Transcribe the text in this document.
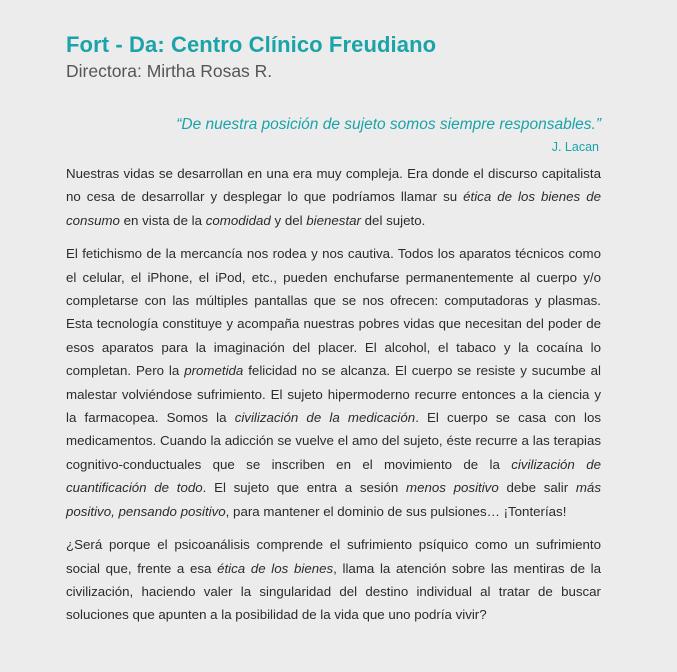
Fort - Da: Centro Clínico Freudiano
Directora: Mirtha Rosas R.
“De nuestra posición de sujeto somos siempre responsables.”
J. Lacan

Nuestras vidas se desarrollan en una era muy compleja. Era donde el discurso capitalista no cesa de desarrollar y desplegar lo que podríamos llamar su ética de los bienes de consumo en vista de la comodidad y del bienestar del sujeto.

El fetichismo de la mercancía nos rodea y nos cautiva. Todos los aparatos técnicos como el celular, el iPhone, el iPod, etc., pueden enchufarse permanentemente al cuerpo y/o completarse con las múltiples pantallas que se nos ofrecen: computadoras y plasmas. Esta tecnología constituye y acompaña nuestras pobres vidas que necesitan del poder de esos aparatos para la imaginación del placer. El alcohol, el tabaco y la cocaína lo completan. Pero la prometida felicidad no se alcanza. El cuerpo se resiste y sucumbe al malestar volviéndose sufrimiento. El sujeto hipermoderno recurre entonces a la ciencia y la farmacopea. Somos la civilización de la medicación. El cuerpo se casa con los medicamentos. Cuando la adicción se vuelve el amo del sujeto, éste recurre a las terapias cognitivo-conductuales que se inscriben en el movimiento de la civilización de cuantificación de todo. El sujeto que entra a sesión menos positivo debe salir más positivo, pensando positivo, para mantener el dominio de sus pulsiones… ¡Tonterías!

¿Será porque el psicoanálisis comprende el sufrimiento psíquico como un sufrimiento social que, frente a esa ética de los bienes, llama la atención sobre las mentiras de la civilización, haciendo valer la singularidad del destino individual al tratar de buscar soluciones que apunten a la posibilidad de la vida que uno podría vivir?
